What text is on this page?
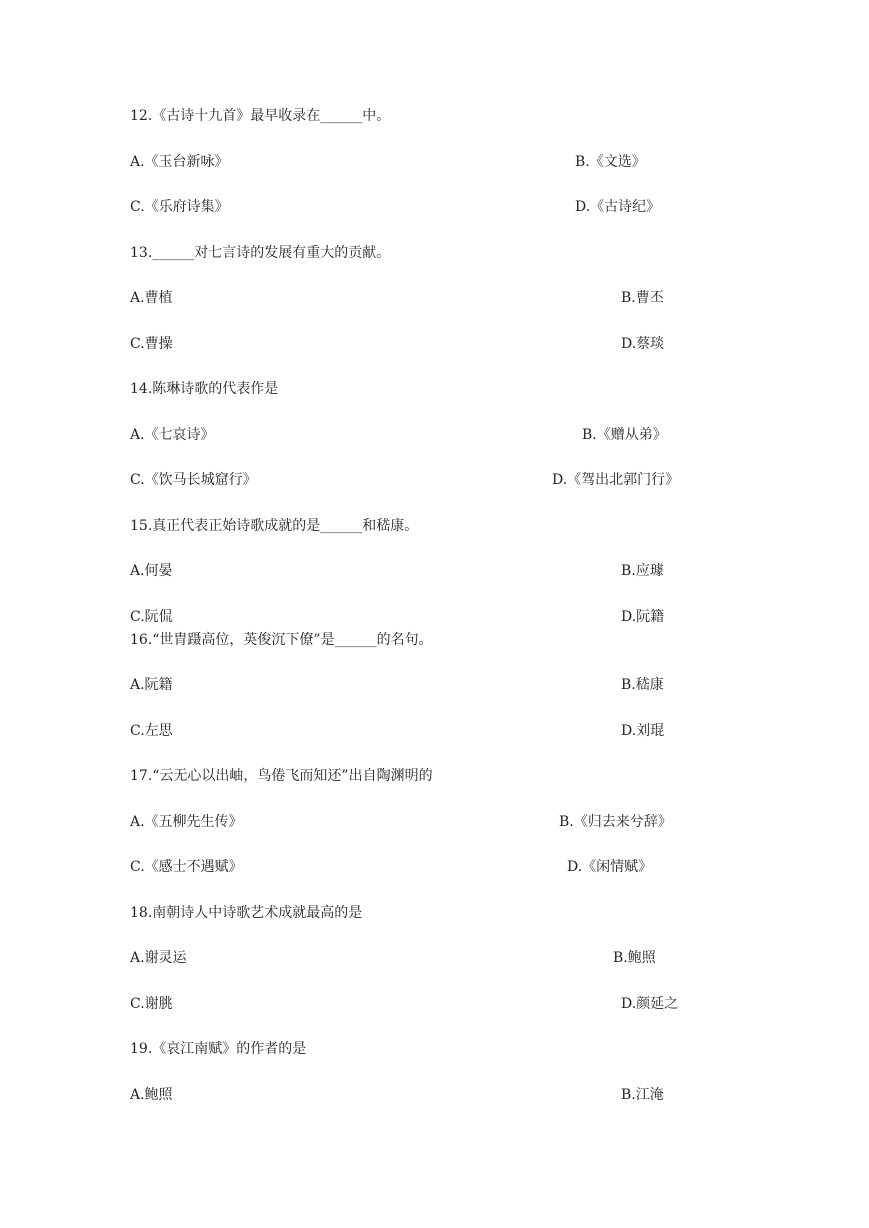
12.《古诗十九首》最早收录在______中。
A.《玉台新咏》	B.《文选》
C.《乐府诗集》	D.《古诗纪》
13.______对七言诗的发展有重大的贡献。
A.曹植	B.曹丕
C.曹操	D.蔡琰
14.陈琳诗歌的代表作是
A.《七哀诗》	B.《赠从弟》
C.《饮马长城窟行》	D.《驾出北郭门行》
15.真正代表正始诗歌成就的是______和嵇康。
A.何晏	B.应璩
C.阮侃	D.阮籍
16.“世胄蹑高位，英俊沉下僚”是______的名句。
A.阮籍	B.嵇康
C.左思	D.刘琨
17.“云无心以出岫，鸟倦飞而知还”出自陶渊明的
A.《五柳先生传》	B.《归去来兮辞》
C.《感士不遇赋》	D.《闲情赋》
18.南朝诗人中诗歌艺术成就最高的是
A.谢灵运	B.鲍照
C.谢朓	D.颜延之
19.《哀江南赋》的作者的是
A.鲍照	B.江淹
